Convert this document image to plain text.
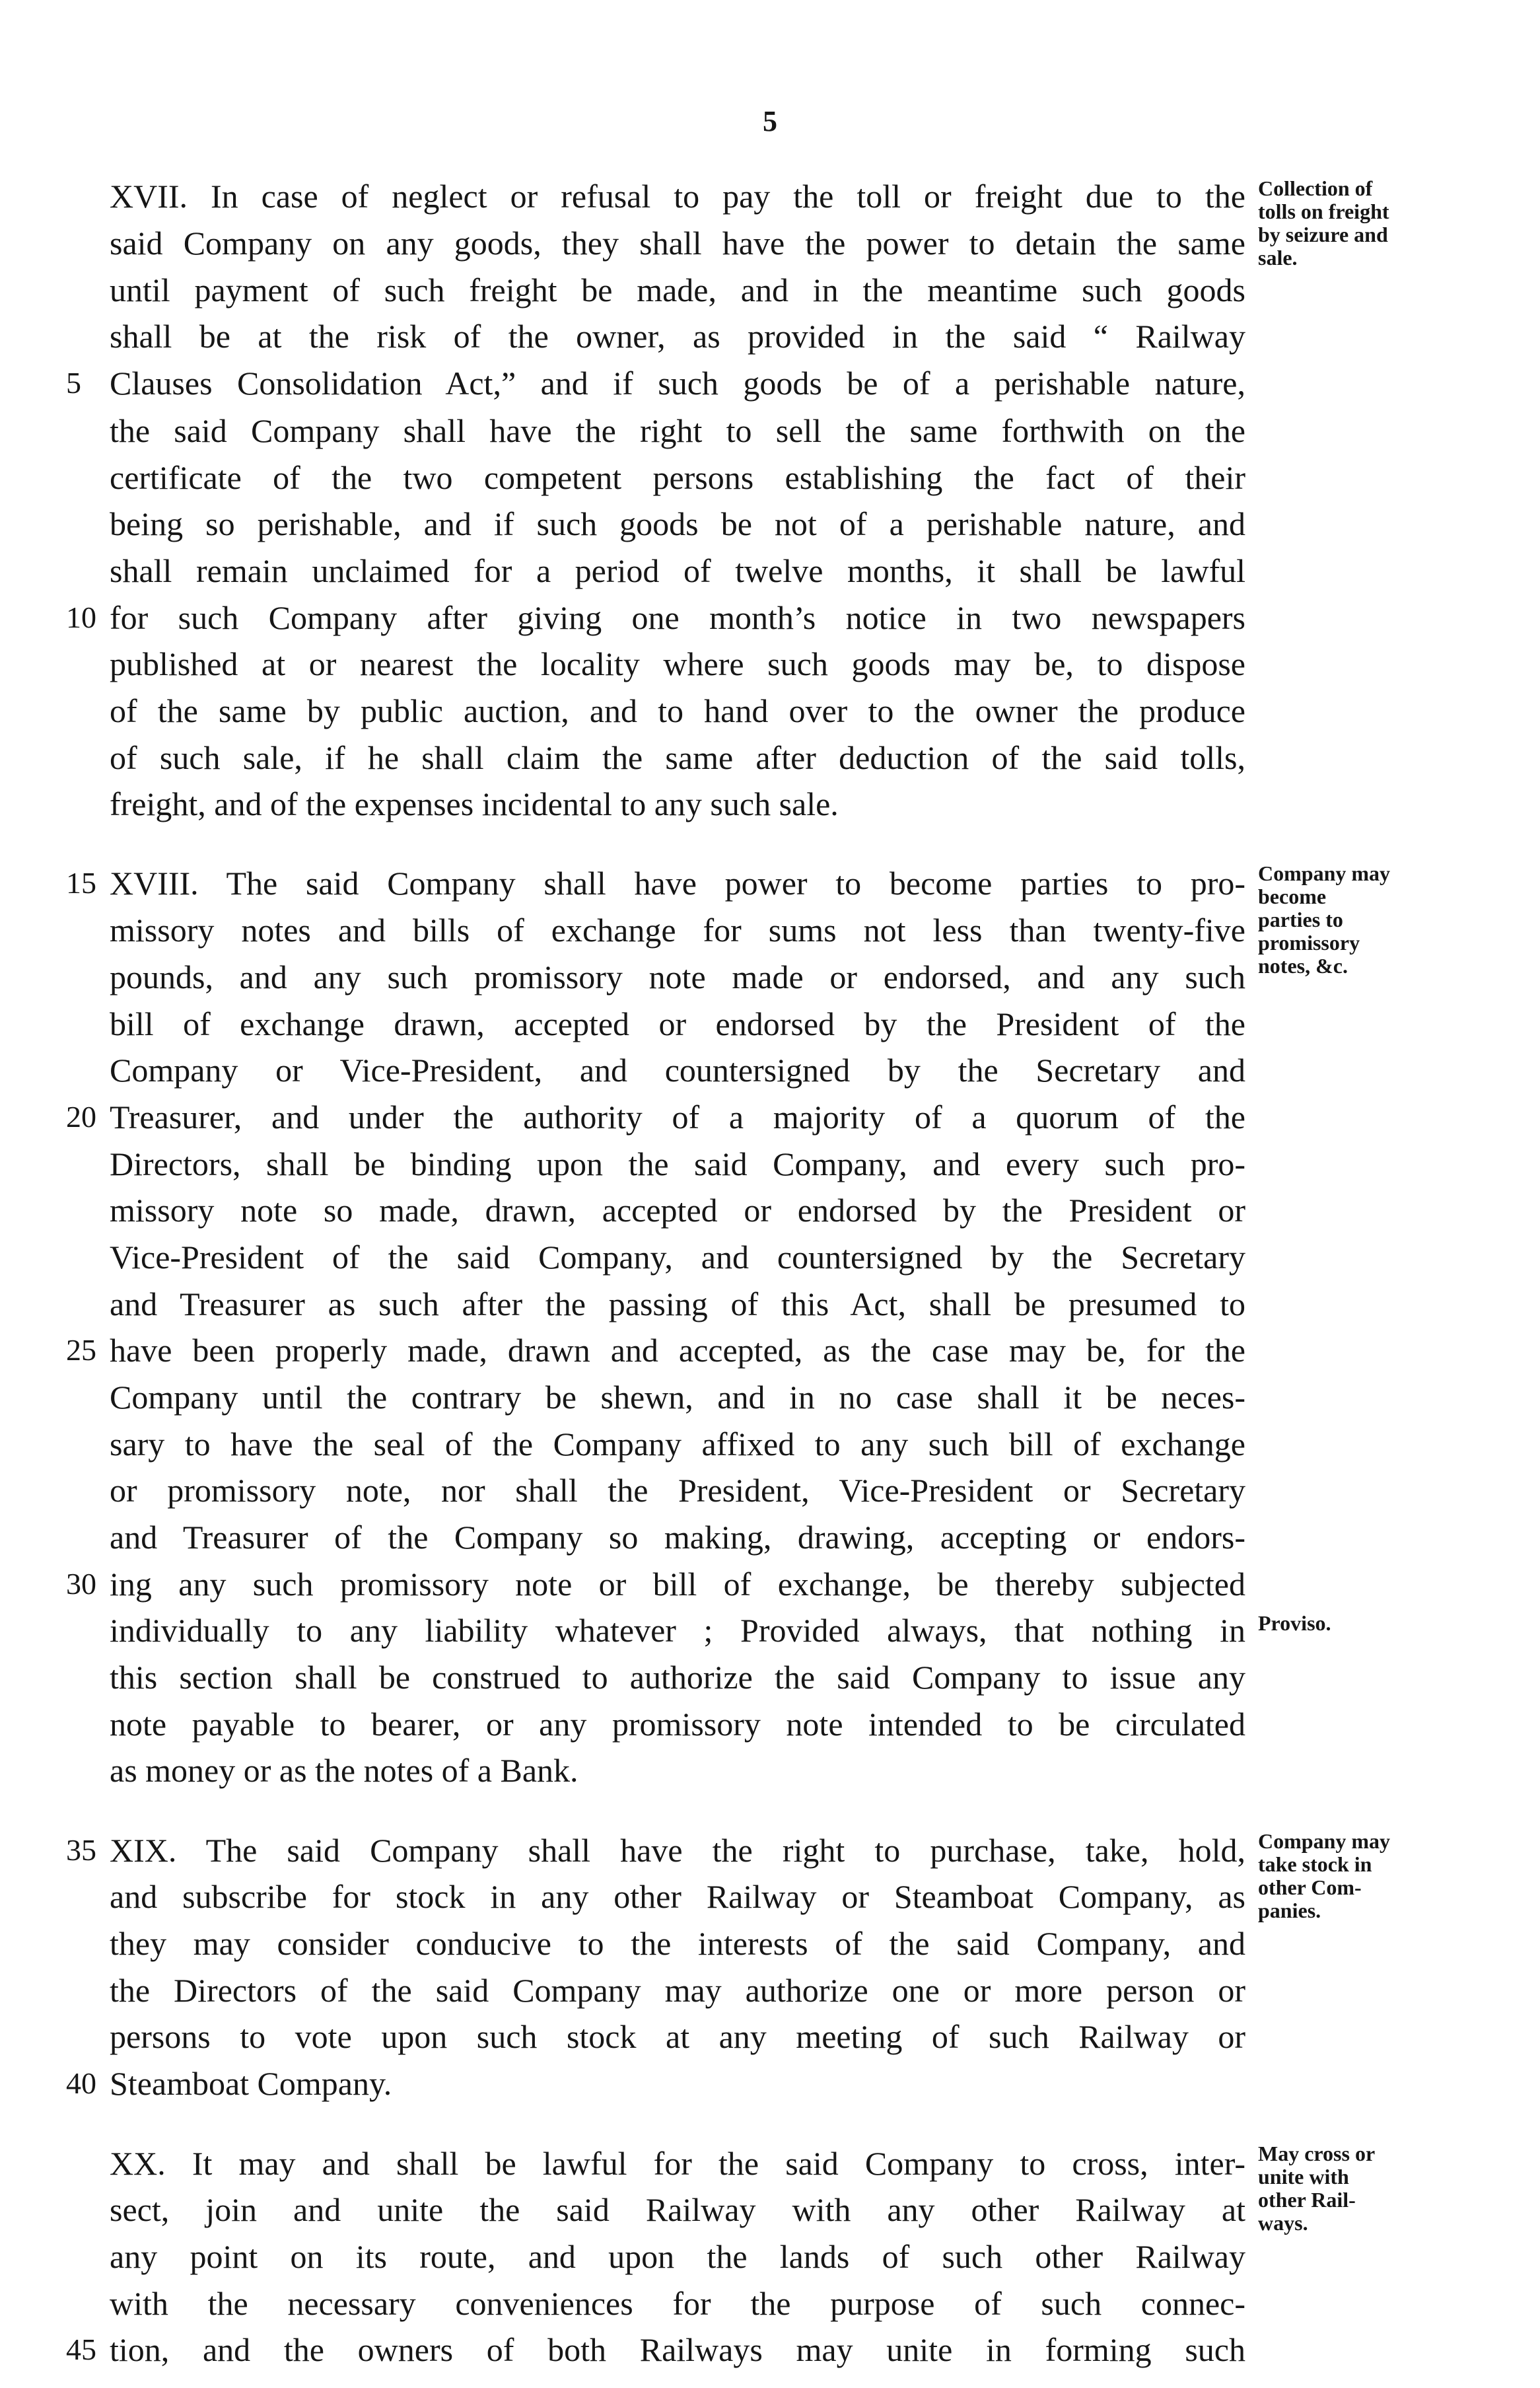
5
XVII. In case of neglect or refusal to pay the toll or freight due to the
said Company on any goods, they shall have the power to detain the same
until payment of such freight be made, and in the meantime such goods
shall be at the risk of the owner, as provided in the said “ Railway
Clauses Consolidation Act,” and if such goods be of a perishable nature,
the said Company shall have the right to sell the same forthwith on the
certificate of the two competent persons establishing the fact of their
being so perishable, and if such goods be not of a perishable nature, and
shall remain unclaimed for a period of twelve months, it shall be lawful
for such Company after giving one month’s notice in two newspapers
published at or nearest the locality where such goods may be, to dispose
of the same by public auction, and to hand over to the owner the produce
of such sale, if he shall claim the same after deduction of the said tolls,
freight, and of the expenses incidental to any such sale.
XVIII. The said Company shall have power to become parties to pro-
missory notes and bills of exchange for sums not less than twenty-five
pounds, and any such promissory note made or endorsed, and any such
bill of exchange drawn, accepted or endorsed by the President of the
Company or Vice-President, and countersigned by the Secretary and
Treasurer, and under the authority of a majority of a quorum of the
Directors, shall be binding upon the said Company, and every such pro-
missory note so made, drawn, accepted or endorsed by the President or
Vice-President of the said Company, and countersigned by the Secretary
and Treasurer as such after the passing of this Act, shall be presumed to
have been properly made, drawn and accepted, as the case may be, for the
Company until the contrary be shewn, and in no case shall it be neces-
sary to have the seal of the Company affixed to any such bill of exchange
or promissory note, nor shall the President, Vice-President or Secretary
and Treasurer of the Company so making, drawing, accepting or endors-
ing any such promissory note or bill of exchange, be thereby subjected
individually to any liability whatever ; Provided always, that nothing in
this section shall be construed to authorize the said Company to issue any
note payable to bearer, or any promissory note intended to be circulated
as money or as the notes of a Bank.
XIX. The said Company shall have the right to purchase, take, hold,
and subscribe for stock in any other Railway or Steamboat Company, as
they may consider conducive to the interests of the said Company, and
the Directors of the said Company may authorize one or more person or
persons to vote upon such stock at any meeting of such Railway or
Steamboat Company.
XX. It may and shall be lawful for the said Company to cross, inter-
sect, join and unite the said Railway with any other Railway at
any point on its route, and upon the lands of such other Railway
with the necessary conveniences for the purpose of such connec-
tion, and the owners of both Railways may unite in forming such
5
10
15
20
25
30
35
40
45
Collection of
tolls on freight
by seizure and
sale.
Company may
become
parties to
promissory
notes, &c.
Proviso.
Company may
take stock in
other Com-
panies.
May cross or
unite with
other Rail-
ways.
